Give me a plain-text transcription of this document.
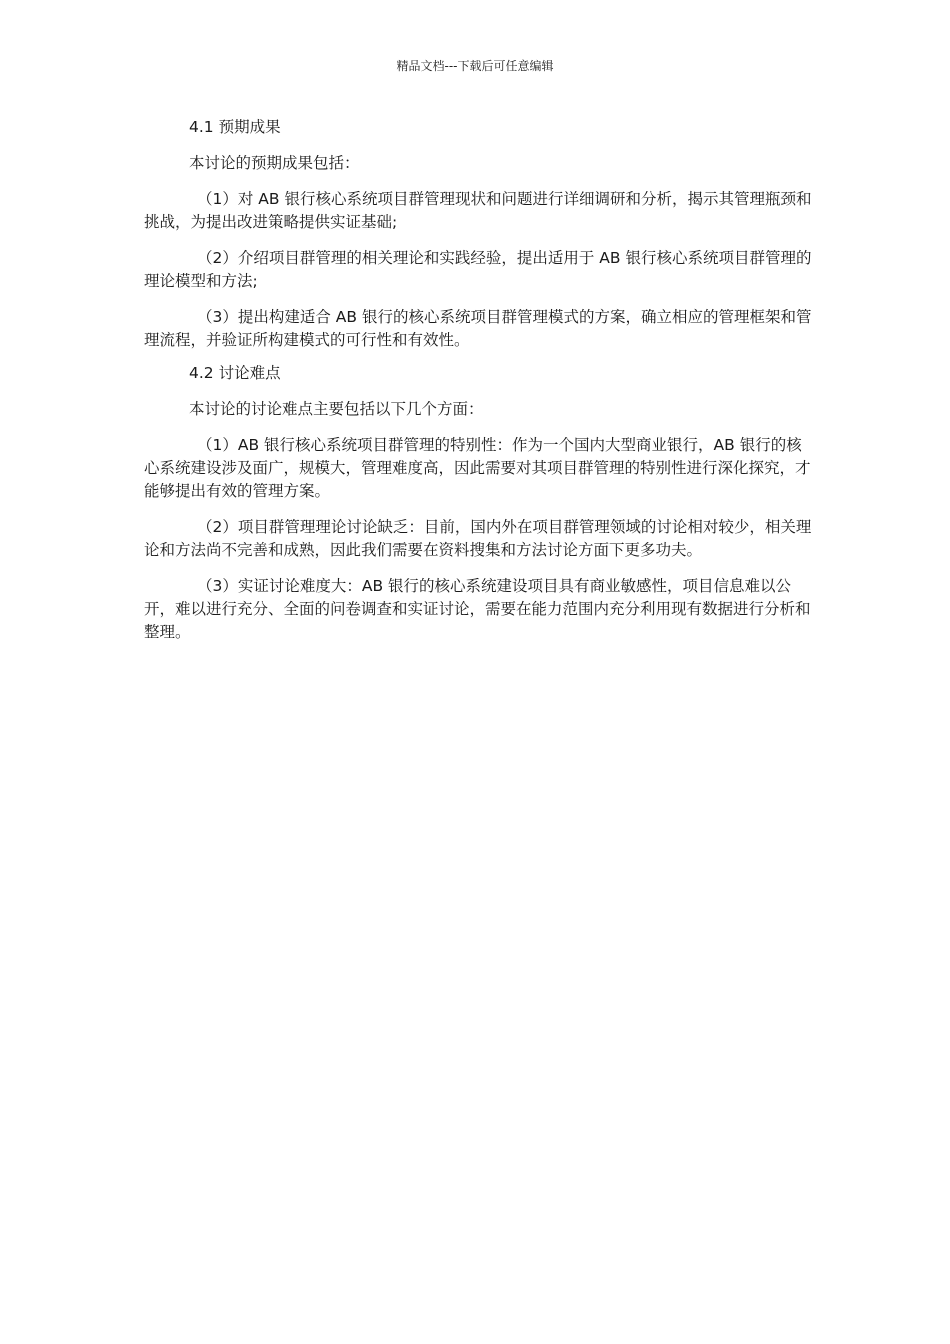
精品文档---下载后可任意编辑

4.1 预期成果

本讨论的预期成果包括：

（1）对 AB 银行核心系统项目群管理现状和问题进行详细调研和分析，揭示其管理瓶颈和挑战，为提出改进策略提供实证基础;

（2）介绍项目群管理的相关理论和实践经验，提出适用于 AB 银行核心系统项目群管理的理论模型和方法;

（3）提出构建适合 AB 银行的核心系统项目群管理模式的方案，确立相应的管理框架和管理流程，并验证所构建模式的可行性和有效性。

4.2 讨论难点

本讨论的讨论难点主要包括以下几个方面：

（1）AB 银行核心系统项目群管理的特别性：作为一个国内大型商业银行，AB 银行的核心系统建设涉及面广，规模大，管理难度高，因此需要对其项目群管理的特别性进行深化探究，才能够提出有效的管理方案。

（2）项目群管理理论讨论缺乏：目前，国内外在项目群管理领域的讨论相对较少，相关理论和方法尚不完善和成熟，因此我们需要在资料搜集和方法讨论方面下更多功夫。

（3）实证讨论难度大：AB 银行的核心系统建设项目具有商业敏感性，项目信息难以公开，难以进行充分、全面的问卷调查和实证讨论，需要在能力范围内充分利用现有数据进行分析和整理。
